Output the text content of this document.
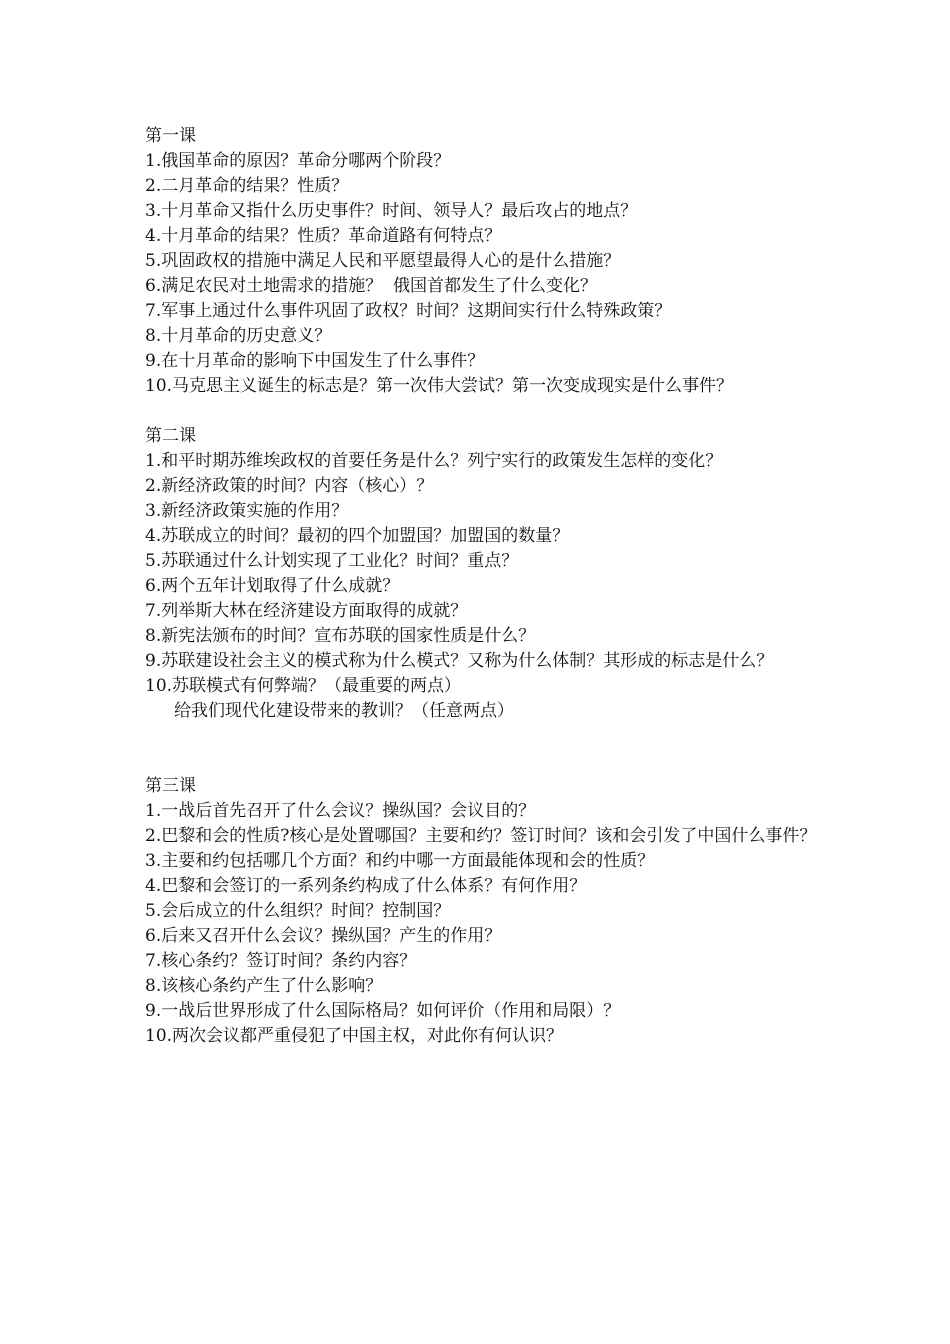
第一课

1.俄国革命的原因？革命分哪两个阶段？

2.二月革命的结果？性质？

3.十月革命又指什么历史事件？时间、领导人？最后攻占的地点？

4.十月革命的结果？性质？革命道路有何特点？

5.巩固政权的措施中满足人民和平愿望最得人心的是什么措施？

6.满足农民对土地需求的措施？  俄国首都发生了什么变化？

7.军事上通过什么事件巩固了政权？时间？这期间实行什么特殊政策？

8.十月革命的历史意义？

9.在十月革命的影响下中国发生了什么事件？

10.马克思主义诞生的标志是？第一次伟大尝试？第一次变成现实是什么事件？

第二课

1.和平时期苏维埃政权的首要任务是什么？列宁实行的政策发生怎样的变化？

2.新经济政策的时间？内容（核心）？

3.新经济政策实施的作用？

4.苏联成立的时间？最初的四个加盟国？加盟国的数量？

5.苏联通过什么计划实现了工业化？时间？重点？

6.两个五年计划取得了什么成就？

7.列举斯大林在经济建设方面取得的成就？

8.新宪法颁布的时间？宣布苏联的国家性质是什么？

9.苏联建设社会主义的模式称为什么模式？又称为什么体制？其形成的标志是什么？

10.苏联模式有何弊端？（最重要的两点）

给我们现代化建设带来的教训？（任意两点）

第三课

1.一战后首先召开了什么会议？操纵国？会议目的？

2.巴黎和会的性质?核心是处置哪国？主要和约？签订时间？该和会引发了中国什么事件？

3.主要和约包括哪几个方面？和约中哪一方面最能体现和会的性质？

4.巴黎和会签订的一系列条约构成了什么体系？有何作用？

5.会后成立的什么组织？时间？控制国？

6.后来又召开什么会议？操纵国？产生的作用？

7.核心条约？签订时间？条约内容？

8.该核心条约产生了什么影响？

9.一战后世界形成了什么国际格局？如何评价（作用和局限）？

10.两次会议都严重侵犯了中国主权，对此你有何认识？
